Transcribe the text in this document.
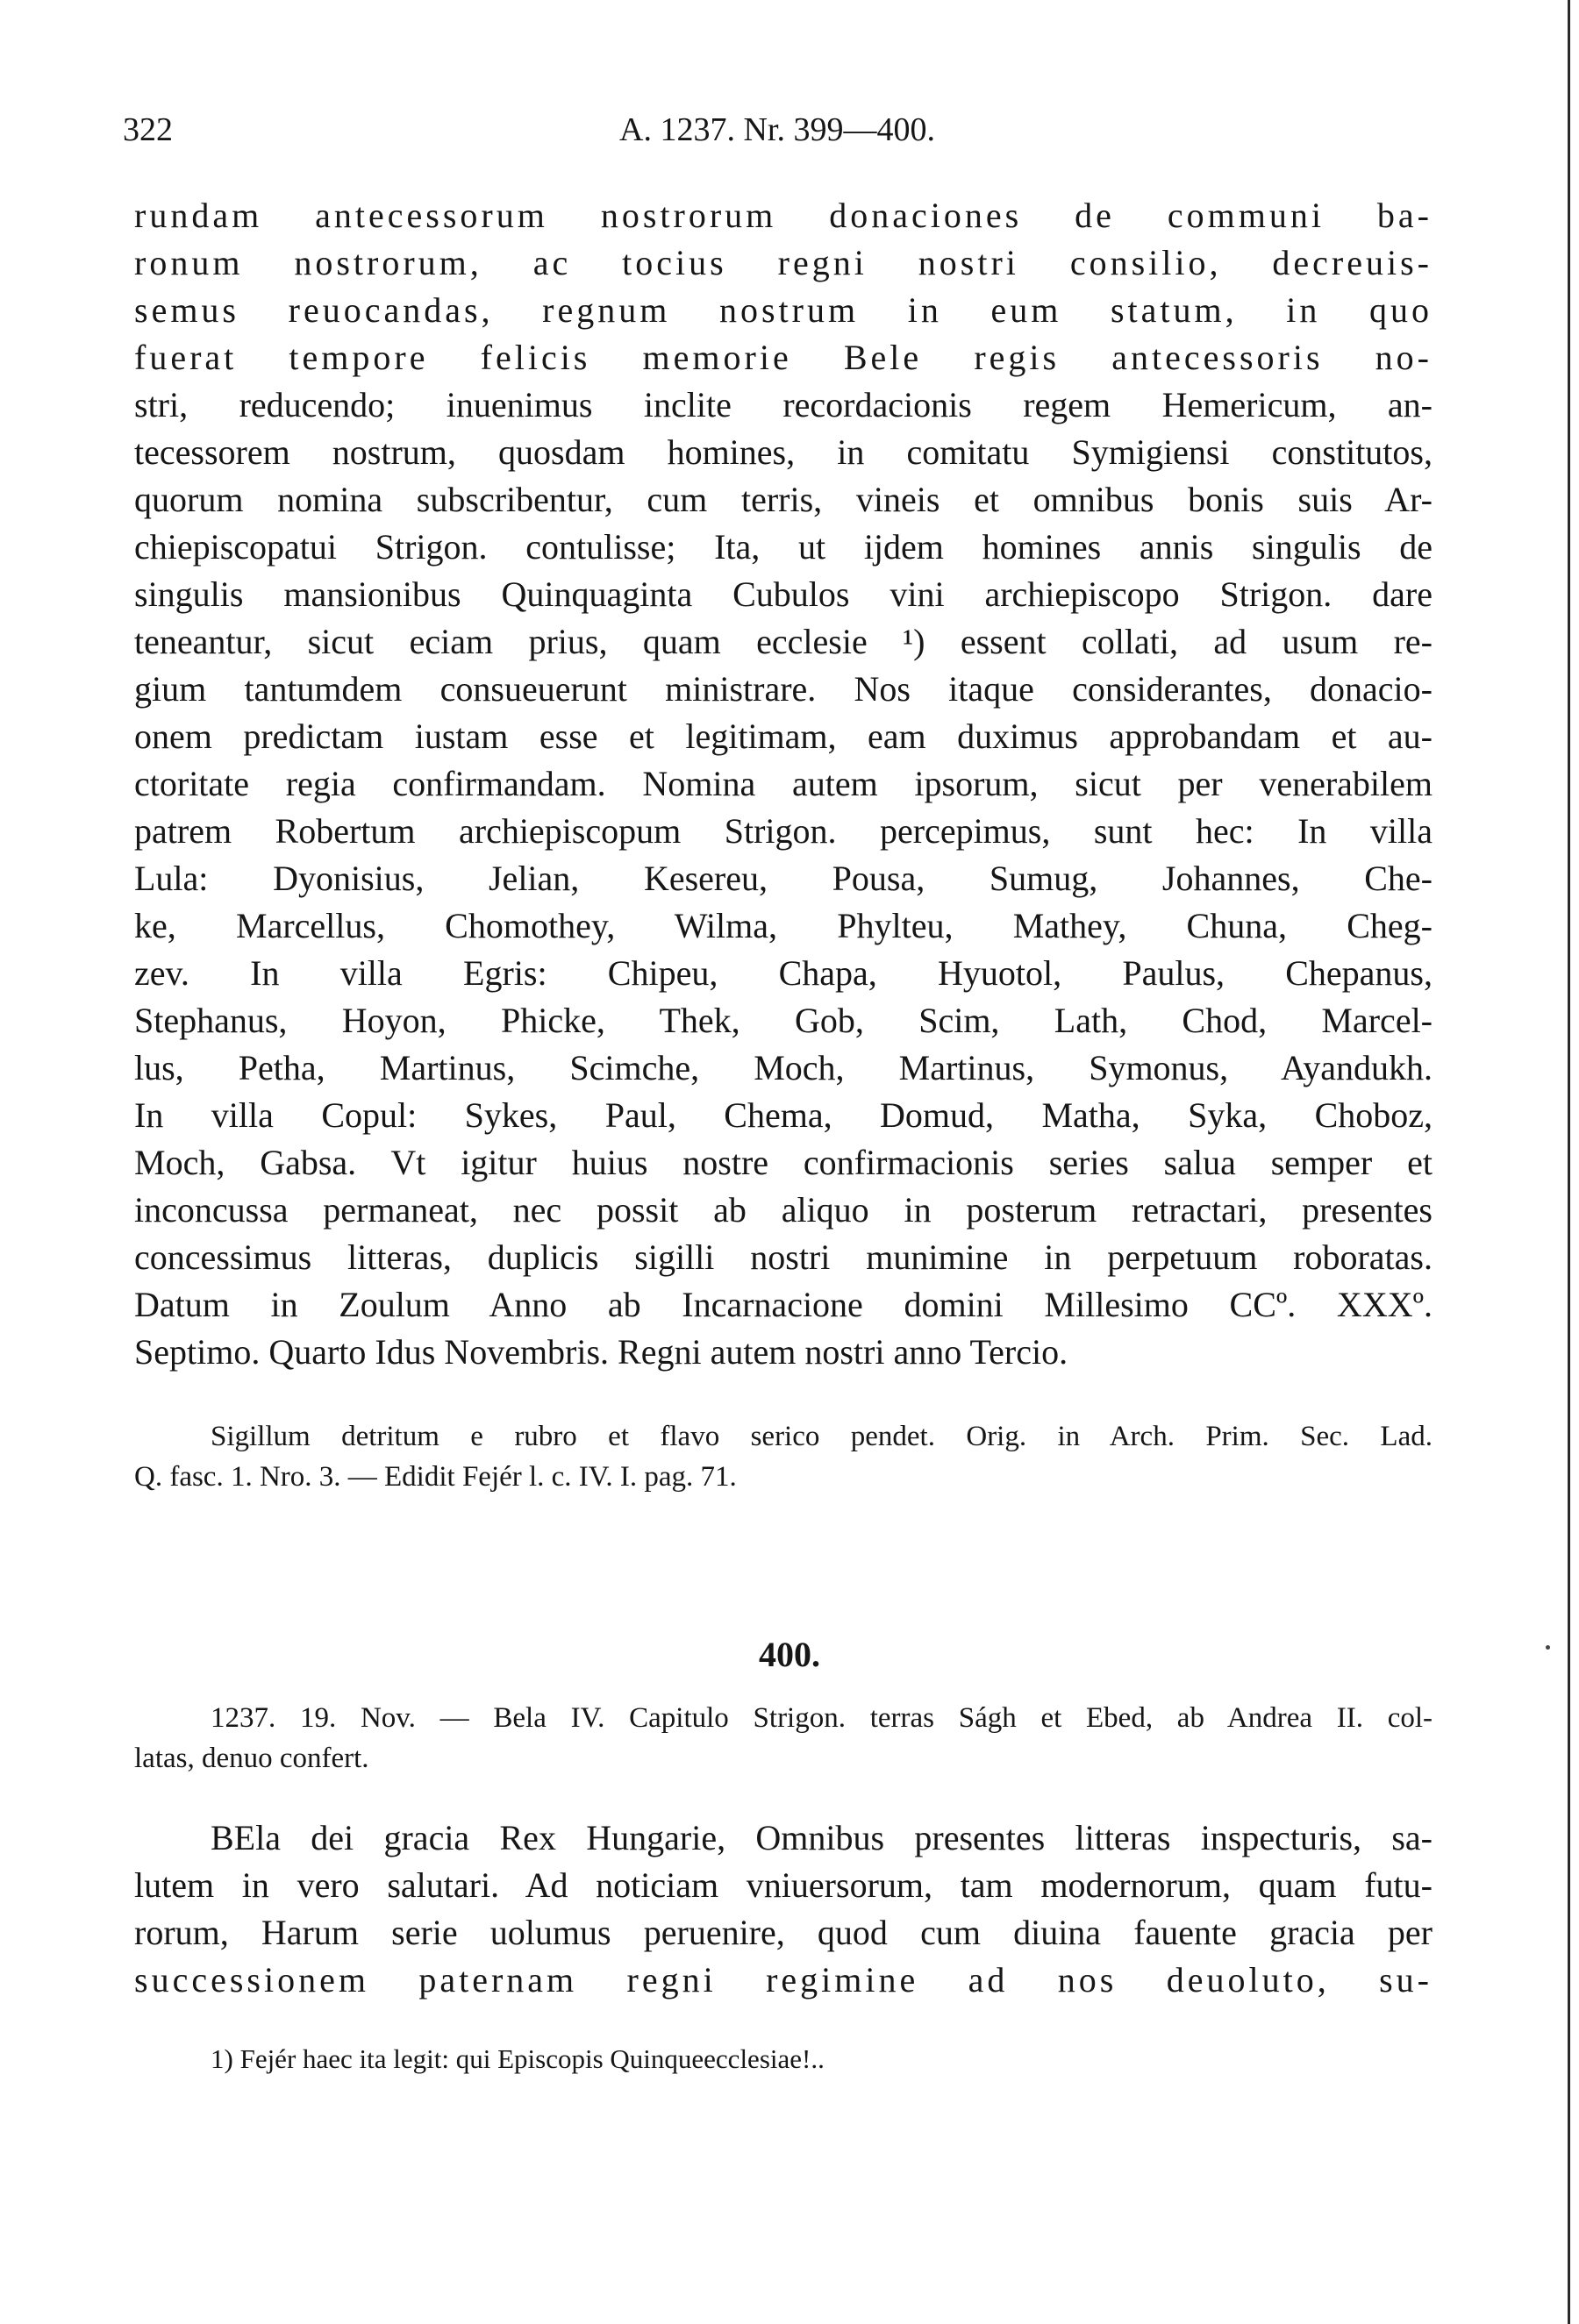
322	A. 1237. Nr. 399—400.
rundam antecessorum nostrorum donaciones de communi ba-
ronum nostrorum, ac tocius regni nostri consilio, decreuis-
semus reuocandas, regnum nostrum in eum statum, in quo
fuerat tempore felicis memorie Bele regis antecessoris no-
stri, reducendo; inuenimus inclite recordacionis regem Hemericum, an-
tecessorem nostrum, quosdam homines, in comitatu Symigiensi constitutos,
quorum nomina subscribentur, cum terris, vineis et omnibus bonis suis Ar-
chiepiscopatui Strigon. contulisse; Ita, ut ijdem homines annis singulis de
singulis mansionibus Quinquaginta Cubulos vini archiepiscopo Strigon. dare
teneantur, sicut eciam prius, quam ecclesie ¹) essent collati, ad usum re-
gium tantumdem consueuerunt ministrare. Nos itaque considerantes, donacio-
onem predictam iustam esse et legitimam, eam duximus approbandam et au-
ctoritate regia confirmandam. Nomina autem ipsorum, sicut per venerabilem
patrem Robertum archiepiscopum Strigon. percepimus, sunt hec: In villa
Lula: Dyonisius, Jelian, Kesereu, Pousa, Sumug, Johannes, Che-
ke, Marcellus, Chomothey, Wilma, Phylteu, Mathey, Chuna, Cheg-
zev. In villa Egris: Chipeu, Chapa, Hyuotol, Paulus, Chepanus,
Stephanus, Hoyon, Phicke, Thek, Gob, Scim, Lath, Chod, Marcel-
lus, Petha, Martinus, Scimche, Moch, Martinus, Symonus, Ayandukh.
In villa Copul: Sykes, Paul, Chema, Domud, Matha, Syka, Choboz,
Moch, Gabsa. Vt igitur huius nostre confirmacionis series salua semper et
inconcussa permaneat, nec possit ab aliquo in posterum retractari, presentes
concessimus litteras, duplicis sigilli nostri munimine in perpetuum roboratas.
Datum in Zoulum Anno ab Incarnacione domini Millesimo CCº. XXXº.
Septimo. Quarto Idus Novembris. Regni autem nostri anno Tercio.
Sigillum detritum e rubro et flavo serico pendet. Orig. in Arch. Prim. Sec. Lad.
Q. fasc. 1. Nro. 3. — Edidit Fejér l. c. IV. I. pag. 71.
400.
1237. 19. Nov. — Bela IV. Capitulo Strigon. terras Ságh et Ebed, ab Andrea II. col-
latas, denuo confert.
BEla dei gracia Rex Hungarie, Omnibus presentes litteras inspecturis, sa-
lutem in vero salutari. Ad noticiam vniuersorum, tam modernorum, quam futu-
rorum, Harum serie uolumus peruenire, quod cum diuina fauente gracia per
successionem paternam regni regimine ad nos deuoluto, su-
1) Fejér haec ita legit: qui Episcopis Quinqueecclesiae!..
